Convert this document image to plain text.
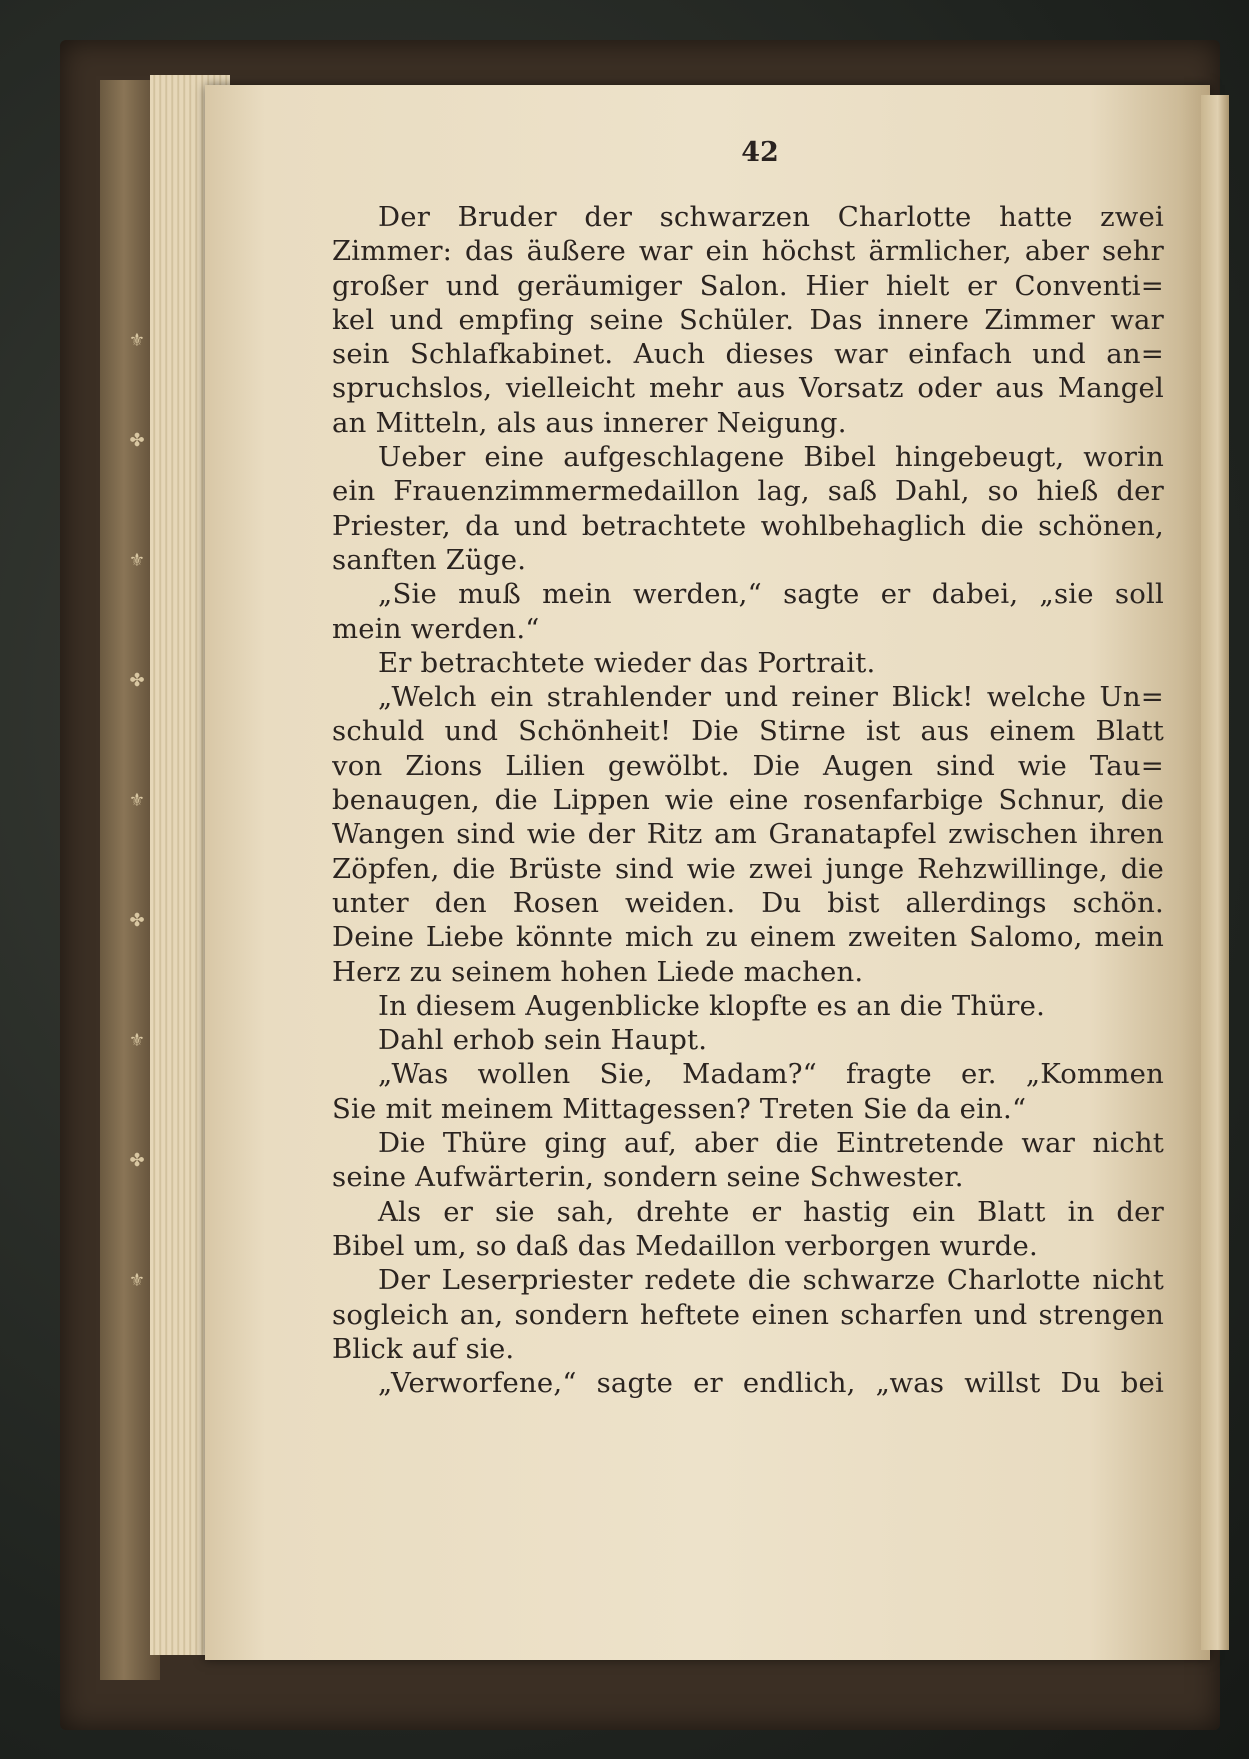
⚜
✤
⚜
✤
⚜
✤
⚜
✤
⚜
42
Der Bruder der schwarzen Charlotte hatte zwei
Zimmer: das äußere war ein höchst ärmlicher, aber sehr
großer und geräumiger Salon. Hier hielt er Conventi=
kel und empfing seine Schüler. Das innere Zimmer war
sein Schlafkabinet. Auch dieses war einfach und an=
spruchslos, vielleicht mehr aus Vorsatz oder aus Mangel
an Mitteln, als aus innerer Neigung.
Ueber eine aufgeschlagene Bibel hingebeugt, worin
ein Frauenzimmermedaillon lag, saß Dahl, so hieß der
Priester, da und betrachtete wohlbehaglich die schönen,
sanften Züge.
„Sie muß mein werden,“ sagte er dabei, „sie soll
mein werden.“
Er betrachtete wieder das Portrait.
„Welch ein strahlender und reiner Blick! welche Un=
schuld und Schönheit! Die Stirne ist aus einem Blatt
von Zions Lilien gewölbt. Die Augen sind wie Tau=
benaugen, die Lippen wie eine rosenfarbige Schnur, die
Wangen sind wie der Ritz am Granatapfel zwischen ihren
Zöpfen, die Brüste sind wie zwei junge Rehzwillinge, die
unter den Rosen weiden. Du bist allerdings schön.
Deine Liebe könnte mich zu einem zweiten Salomo, mein
Herz zu seinem hohen Liede machen.
In diesem Augenblicke klopfte es an die Thüre.
Dahl erhob sein Haupt.
„Was wollen Sie, Madam?“ fragte er. „Kommen
Sie mit meinem Mittagessen? Treten Sie da ein.“
Die Thüre ging auf, aber die Eintretende war nicht
seine Aufwärterin, sondern seine Schwester.
Als er sie sah, drehte er hastig ein Blatt in der
Bibel um, so daß das Medaillon verborgen wurde.
Der Leserpriester redete die schwarze Charlotte nicht
sogleich an, sondern heftete einen scharfen und strengen
Blick auf sie.
„Verworfene,“ sagte er endlich, „was willst Du bei
